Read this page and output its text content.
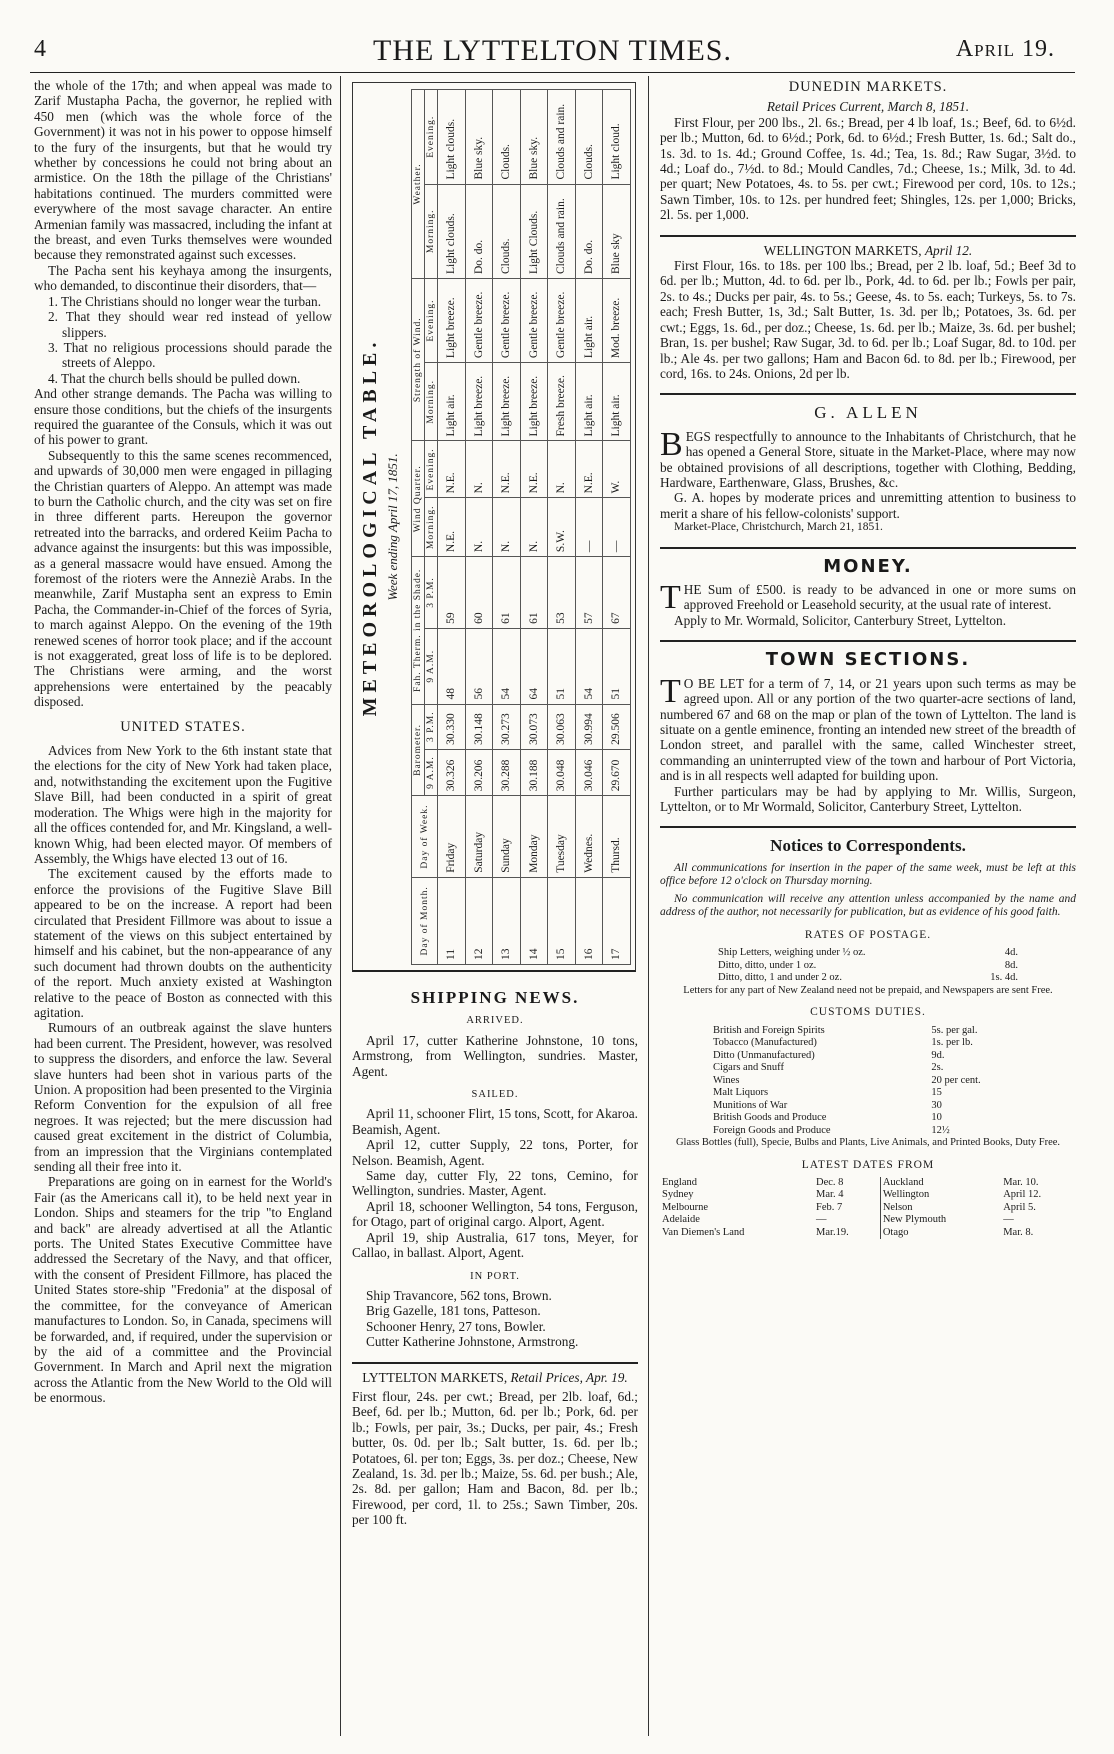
4	THE LYTTELTON TIMES.	April 19.

the whole of the 17th; and when appeal was made to Zarif Mustapha Pacha, the governor, he replied with 450 men (which was the whole force of the Government) it was not in his power to oppose himself to the fury of the insurgents, but that he would try whether by concessions he could not bring about an armistice. On the 18th the pillage of the Christians' habitations continued. The murders committed were everywhere of the most savage character. An entire Armenian family was massacred, including the infant at the breast, and even Turks themselves were wounded because they remonstrated against such excesses.

The Pacha sent his keyhaya among the insurgents, who demanded, to discontinue their disorders, that—

1. The Christians should no longer wear the turban.

2. That they should wear red instead of yellow slippers.

3. That no religious processions should parade the streets of Aleppo.

4. That the church bells should be pulled down.

And other strange demands. The Pacha was willing to ensure those conditions, but the chiefs of the insurgents required the guarantee of the Consuls, which it was out of his power to grant.

Subsequently to this the same scenes recommenced, and upwards of 30,000 men were engaged in pillaging the Christian quarters of Aleppo. An attempt was made to burn the Catholic church, and the city was set on fire in three different parts. Hereupon the governor retreated into the barracks, and ordered Keiim Pacha to advance against the insurgents: but this was impossible, as a general massacre would have ensued. Among the foremost of the rioters were the Anneziè Arabs. In the meanwhile, Zarif Mustapha sent an express to Emin Pacha, the Commander-in-Chief of the forces of Syria, to march against Aleppo. On the evening of the 19th renewed scenes of horror took place; and if the account is not exaggerated, great loss of life is to be deplored. The Christians were arming, and the worst apprehensions were entertained by the peacably disposed.

UNITED STATES.

Advices from New York to the 6th instant state that the elections for the city of New York had taken place, and, notwithstanding the excitement upon the Fugitive Slave Bill, had been conducted in a spirit of great moderation. The Whigs were high in the majority for all the offices contended for, and Mr. Kingsland, a well-known Whig, had been elected mayor. Of members of Assembly, the Whigs have elected 13 out of 16.

The excitement caused by the efforts made to enforce the provisions of the Fugitive Slave Bill appeared to be on the increase. A report had been circulated that President Fillmore was about to issue a statement of the views on this subject entertained by himself and his cabinet, but the non-appearance of any such document had thrown doubts on the authenticity of the report. Much anxiety existed at Washington relative to the peace of Boston as connected with this agitation.

Rumours of an outbreak against the slave hunters had been current. The President, however, was resolved to suppress the disorders, and enforce the law. Several slave hunters had been shot in various parts of the Union. A proposition had been presented to the Virginia Reform Convention for the expulsion of all free negroes. It was rejected; but the mere discussion had caused great excitement in the district of Columbia, from an impression that the Virginians contemplated sending all their free into it.

Preparations are going on in earnest for the World's Fair (as the Americans call it), to be held next year in London. Ships and steamers for the trip "to England and back" are already advertised at all the Atlantic ports. The United States Executive Committee have addressed the Secretary of the Navy, and that officer, with the consent of President Fillmore, has placed the United States store-ship "Fredonia" at the disposal of the committee, for the conveyance of American manufactures to London. So, in Canada, specimens will be forwarded, and, if required, under the supervision or by the aid of a committee and the Provincial Government. In March and April next the migration across the Atlantic from the New World to the Old will be enormous.

METEOROLOGICAL TABLE. Week ending April 17, 1851.
Day of Month.	Day of Week.	Barometer.		Fah. Therm. in the Shade.		Wind Quarter.		Strength of Wind.		Weather.	
		9 A.M.	3 P.M.	9 A.M.	3 P.M.	Morning.	Evening.	Morning.	Evening.	Morning.	Evening.
11	Friday	30.326	30.330	48	59	N.E.	N.E.	Light air.	Light breeze.	Light clouds.	Light clouds.
12	Saturday	30.206	30.148	56	60	N.	N.	Light breeze.	Gentle breeze.	Do. do.	Blue sky.
13	Sunday	30.288	30.273	54	61	N.	N.E.	Light breeze.	Gentle breeze.	Clouds.	Clouds.
14	Monday	30.188	30.073	64	61	N.	N.E.	Light breeze.	Gentle breeze.	Light Clouds.	Blue sky.
15	Tuesday	30.048	30.063	51	53	S.W.	N.	Fresh breeze.	Gentle breeze.	Clouds and rain.	Clouds and rain.
16	Wednes.	30.046	30.994	54	57	—	N.E.	Light air.	Light air.	Do. do.	Clouds.
17	Thursd.	29.670	29.506	51	67	—	W.	Light air.	Mod. breeze.	Blue sky	Light cloud.
SHIPPING NEWS.
ARRIVED.

April 17, cutter Katherine Johnstone, 10 tons, Armstrong, from Wellington, sundries. Master, Agent.

SAILED.

April 11, schooner Flirt, 15 tons, Scott, for Akaroa. Beamish, Agent.

April 12, cutter Supply, 22 tons, Porter, for Nelson. Beamish, Agent.

Same day, cutter Fly, 22 tons, Cemino, for Wellington, sundries. Master, Agent.

April 18, schooner Wellington, 54 tons, Ferguson, for Otago, part of original cargo. Alport, Agent.

April 19, ship Australia, 617 tons, Meyer, for Callao, in ballast. Alport, Agent.

IN PORT.

Ship Travancore, 562 tons, Brown.

Brig Gazelle, 181 tons, Patteson.

Schooner Henry, 27 tons, Bowler.

Cutter Katherine Johnstone, Armstrong.

LYTTELTON MARKETS, Retail Prices, Apr. 19.

First flour, 24s. per cwt.; Bread, per 2lb. loaf, 6d.; Beef, 6d. per lb.; Mutton, 6d. per lb.; Pork, 6d. per lb.; Fowls, per pair, 3s.; Ducks, per pair, 4s.; Fresh butter, 0s. 0d. per lb.; Salt butter, 1s. 6d. per lb.; Potatoes, 6l. per ton; Eggs, 3s. per doz.; Cheese, New Zealand, 1s. 3d. per lb.; Maize, 5s. 6d. per bush.; Ale, 2s. 8d. per gallon; Ham and Bacon, 8d. per lb.; Firewood, per cord, 1l. to 25s.; Sawn Timber, 20s. per 100 ft.

DUNEDIN MARKETS.

Retail Prices Current, March 8, 1851.

First Flour, per 200 lbs., 2l. 6s.; Bread, per 4 lb loaf, 1s.; Beef, 6d. to 6½d. per lb.; Mutton, 6d. to 6½d.; Pork, 6d. to 6½d.; Fresh Butter, 1s. 6d.; Salt do., 1s. 3d. to 1s. 4d.; Ground Coffee, 1s. 4d.; Tea, 1s. 8d.; Raw Sugar, 3½d. to 4d.; Loaf do., 7½d. to 8d.; Mould Candles, 7d.; Cheese, 1s.; Milk, 3d. to 4d. per quart; New Potatoes, 4s. to 5s. per cwt.; Firewood per cord, 10s. to 12s.; Sawn Timber, 10s. to 12s. per hundred feet; Shingles, 12s. per 1,000; Bricks, 2l. 5s. per 1,000.

WELLINGTON MARKETS, April 12.

First Flour, 16s. to 18s. per 100 lbs.; Bread, per 2 lb. loaf, 5d.; Beef 3d to 6d. per lb.; Mutton, 4d. to 6d. per lb., Pork, 4d. to 6d. per lb.; Fowls per pair, 2s. to 4s.; Ducks per pair, 4s. to 5s.; Geese, 4s. to 5s. each; Turkeys, 5s. to 7s. each; Fresh Butter, 1s, 3d.; Salt Butter, 1s. 3d. per lb,; Potatoes, 3s. 6d. per cwt.; Eggs, 1s. 6d., per doz.; Cheese, 1s. 6d. per lb.; Maize, 3s. 6d. per bushel; Bran, 1s. per bushel; Raw Sugar, 3d. to 6d. per lb.; Loaf Sugar, 8d. to 10d. per lb.; Ale 4s. per two gallons; Ham and Bacon 6d. to 8d. per lb.; Firewood, per cord, 16s. to 24s. Onions, 2d per lb.

G. ALLEN

BEGS respectfully to announce to the Inhabitants of Christchurch, that he has opened a General Store, situate in the Market-Place, where may now be obtained provisions of all descriptions, together with Clothing, Bedding, Hardware, Earthenware, Glass, Brushes, &c.

G. A. hopes by moderate prices and unremitting attention to business to merit a share of his fellow-colonists' support.

Market-Place, Christchurch, March 21, 1851.

MONEY.

THE Sum of £500. is ready to be advanced in one or more sums on approved Freehold or Leasehold security, at the usual rate of interest.

Apply to Mr. Wormald, Solicitor, Canterbury Street, Lyttelton.

TOWN SECTIONS.

T O BE LET for a term of 7, 14, or 21 years upon such terms as may be agreed upon. All or any portion of the two quarter-acre sections of land, numbered 67 and 68 on the map or plan of the town of Lyttelton. The land is situate on a gentle eminence, fronting an intended new street of the breadth of London street, and parallel with the same, called Winchester street, commanding an uninterrupted view of the town and harbour of Port Victoria, and is in all respects well adapted for building upon.

Further particulars may be had by applying to Mr. Willis, Surgeon, Lyttelton, or to Mr Wormald, Solicitor, Canterbury Street, Lyttelton.

Notices to Correspondents.

All communications for insertion in the paper of the same week, must be left at this office before 12 o'clock on Thursday morning.

No communication will receive any attention unless accompanied by the name and address of the author, not necessarily for publication, but as evidence of his good faith.

RATES OF POSTAGE.
Ship Letters, weighing under ½ oz.	4d.
Ditto, ditto, under 1 oz.	8d.
Ditto, ditto, 1 and under 2 oz.	1s. 4d.

Letters for any part of New Zealand need not be prepaid, and Newspapers are sent Free.

CUSTOMS DUTIES.
British and Foreign Spirits	5s. per gal.
Tobacco (Manufactured)	1s. per lb.
Ditto (Unmanufactured)	9d.
Cigars and Snuff	2s.
Wines	20 per cent.
Malt Liquors	15
Munitions of War	30
British Goods and Produce	10
Foreign Goods and Produce	12½

Glass Bottles (full), Specie, Bulbs and Plants, Live Animals, and Printed Books, Duty Free.

LATEST DATES FROM
England	Dec. 8	Auckland	Mar. 10.
Sydney	Mar. 4	Wellington	April 12.
Melbourne	Feb. 7	Nelson	April 5.
Adelaide	—	New Plymouth	—
Van Diemen's Land	Mar.19.	Otago	Mar. 8.
